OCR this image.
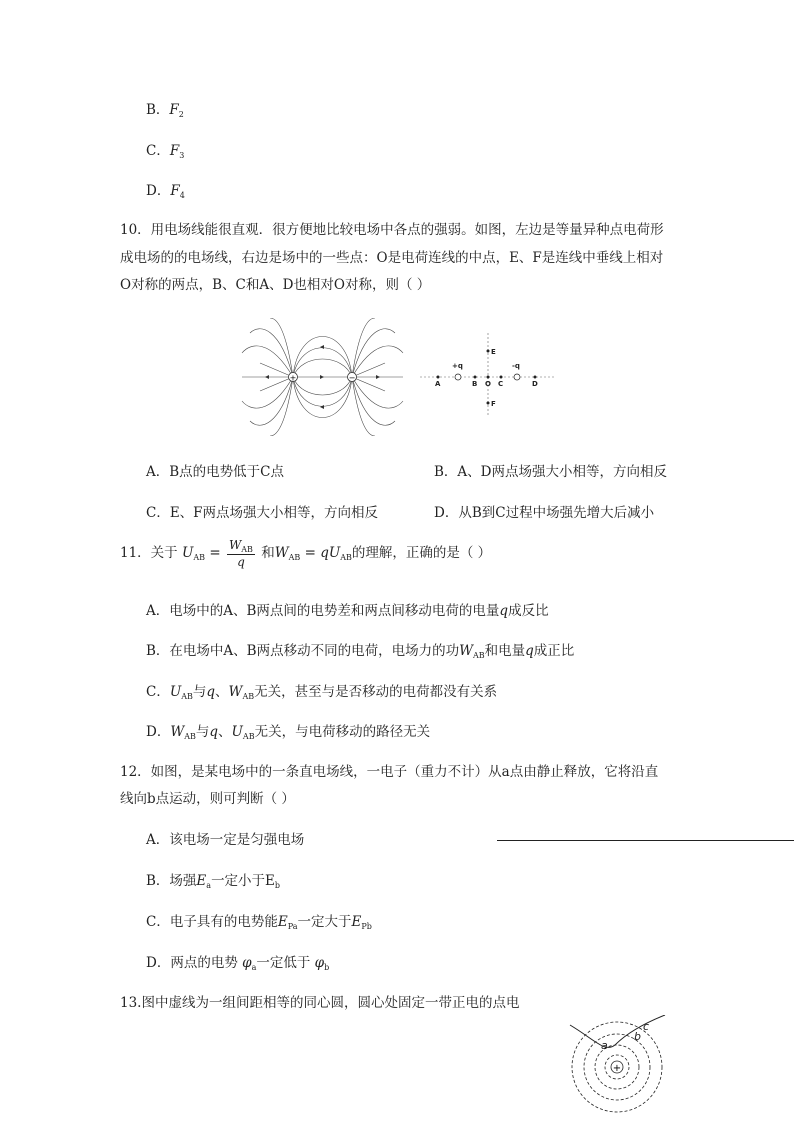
B．$F_2$
C．$F_3$
D．$F_4$
10．用电场线能很直观．很方便地比较电场中各点的强弱。如图，左边是等量异种点电荷形
成电场的的电场线，右边是场中的一些点：O是电荷连线的中点，E、F是连线中垂线上相对
O对称的两点，B、C和A、D也相对O对称，则（ ）
+	−
+q	-q
A	B O C	D
E
F
A．B点的电势低于C点	B．A、D两点场强大小相等，方向相反
C．E、F两点场强大小相等，方向相反	D．从B到C过程中场强先增大后减小
11．关于 $U_{AB} = \frac{W_{AB}}{q}$ 和$W_{AB} = qU_{AB}$的理解，正确的是（ ）
A．电场中的A、B两点间的电势差和两点间移动电荷的电量q成反比
B．在电场中A、B两点移动不同的电荷，电场力的功$W_{AB}$和电量q成正比
C．$U_{AB}$与q、$W_{AB}$无关，甚至与是否移动的电荷都没有关系
D．$W_{AB}$与q、$U_{AB}$无关，与电荷移动的路径无关
12．如图，是某电场中的一条直电场线，一电子（重力不计）从a点由静止释放，它将沿直
线向b点运动，则可判断（ ）
A．该电场一定是匀强电场
B．场强$E_a$一定小于$E_b$
C．电子具有的电势能$E_{Pa}$一定大于$E_{Pb}$
D．两点的电势 $\varphi_a$一定低于 $\varphi_b$
13.图中虚线为一组间距相等的同心圆，圆心处固定一带正电的点电
+
a
b
c
